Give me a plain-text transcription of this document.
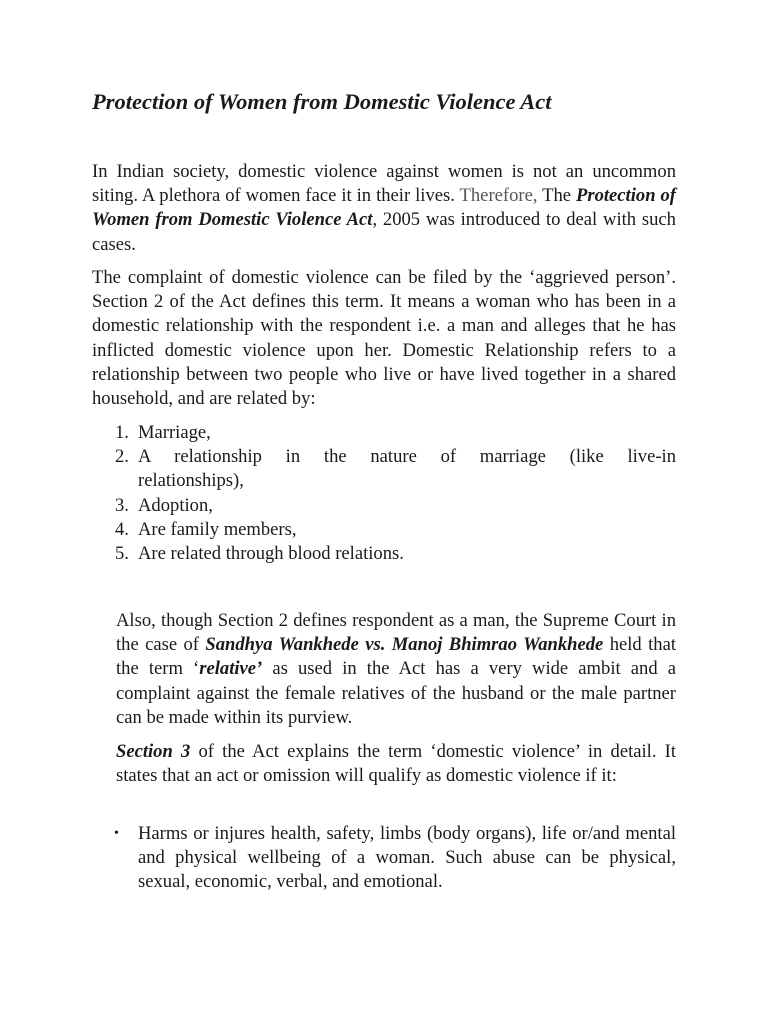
Protection of Women from Domestic Violence Act

In Indian society, domestic violence against women is not an uncommon siting. A plethora of women face it in their lives. Therefore, The Protection of Women from Domestic Violence Act, 2005 was introduced to deal with such cases.

The complaint of domestic violence can be filed by the ‘aggrieved person’. Section 2 of the Act defines this term. It means a woman who has been in a domestic relationship with the respondent i.e. a man and alleges that he has inflicted domestic violence upon her. Domestic Relationship refers to a relationship between two people who live or have lived together in a shared household, and are related by:

1. Marriage,
2. A relationship in the nature of marriage (like live-in
relationships),
3. Adoption,
4. Are family members,
5. Are related through blood relations.

Also, though Section 2 defines respondent as a man, the Supreme Court in the case of Sandhya Wankhede vs. Manoj Bhimrao Wankhede held that the term ‘relative’ as used in the Act has a very wide ambit and a complaint against the female relatives of the husband or the male partner can be made within its purview.

Section 3 of the Act explains the term ‘domestic violence’ in detail. It states that an act or omission will qualify as domestic violence if it:

• Harms or injures health, safety, limbs (body organs), life or/and mental and physical wellbeing of a woman. Such abuse can be physical, sexual, economic, verbal, and emotional.
